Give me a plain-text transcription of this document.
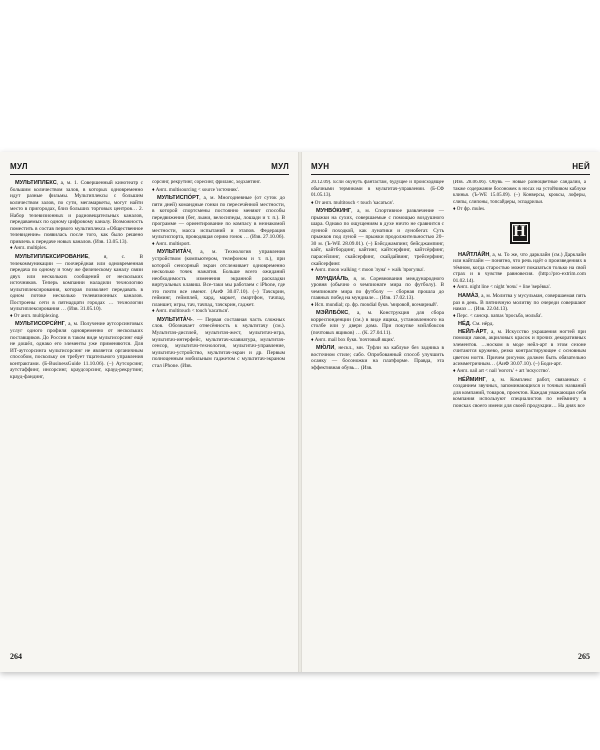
МУЛ	МУЛ

МУЛЬТИПЛЕ́КС, а, м. 1. Совершенный кинотеатр с большим количеством залов, в которых одновременно идут разные фильмы. Мультиплексы с большим количеством залов, по сути, мегамаркеты, могут найти место в пригородах, близ больших торговых центров… 2. Набор телевизионных и радиовещательных каналов, передаваемых по одному цифровому каналу. Возможность поместить в состав первого мультиплекса «Общественное телевидение» появилась после того, как было решено привлечь к передаче новых каналов. (Изв. 13.05.13).

♦ Англ. multiplex.

МУЛЬТИПЛЕКСИРОВАНИЕ, я, с. В телекоммуникации — поочерёдная или одновременная передача по одному и тому же физическому каналу связи двух или нескольких сообщений от нескольких источников. Теперь компании наладили технологию мультиплексирования, которая позволяет передавать в одном потоке несколько телевизионных каналов. Построены сети в пятнадцати городах … технологии мультиплексирования … (Изв. 31.05.10).

♦ От англ. multiplexing.

МУЛЬТИСОРСИ́НГ, а, м. Получение аутсорсинговых услуг одного профиля одновременно от нескольких поставщиков. До России в таком виде мультисорсинг ещё не дошёл, однако его элементы уже применяются. Для ИТ-аутсорсинга мультисорсинг не является органичным способом, поскольку он требует тщательного управления контрактами. (Б-BusinessGuide 11.10.06). (–) Аутсорсинг, аутстаффинг, инсорсинг, краудсорсинг, крауд-рекрутинг, крауд-фандинг,

сорсинг, рекрутинг, соресинг, фриланс, хедхантинг.

♦ Англ. multisourcing < source 'источник'.

МУЛЬТИСПО́РТ, а, м. Многодневные (от суток до пяти дней) командные гонки по пересечённой местности, в которой спортсмены постоянно меняют способы передвижения (бег, лыжи, велосипеды, лошади и т. п.). В программе — ориентирование по компасу в незнакомой местности, масса испытаний и этапов. Федерация мультиспорта, проводящая серию гонок … (Изв. 27.10.06).

♦ Англ. multisport.

МУЛЬТИТА́Ч, а, м. Технология управления устройством (компьютером, телефоном и т. п.), при которой сенсорный экран отслеживает одновременно несколько точек нажатия. Больше всего ожиданий необходимость изменения экранной раскладки виртуальных клавиш. Все-таки мы работаем с iPhone, где это почти все имеют. (АиФ 30.07.10). (–) Тачскрин, гейминг, геймплей, хард, маркет, смартфон, тачпад, планшет, игры, тач, тачпад, тачскрин, гаджет.

♦ Англ. multitouch < touch 'касаться'.

МУЛЬТИТА́Ч-. — Первая составная часть сложных слов. Обозначает отнесённость к мультитачу (см.). Мультитач-дисплей, мультитач-жест, мультитач-игра, мультитач-интерфейс, мультитач-клавиатура, мультитач-сенсор, мультитач-технология, мультитач-управление, мультитач-устройство, мультитач-экран и др. Первым полноценным мобильным гаджетом с мультитач-экраном стал iPhone. (Изв.

264
МУН	НЕЙ

20.12.09). Если окунуть фантастам, будущее и происходящее обычными терминами в мультитач-управлении. (Б-СФ 01.05.13).

♦ От англ. multitouch < touch 'касаться'.

МУНВО́КИНГ, а, м. Спортивное развлечение — прыжки на сухих, совершаемые с помощью воздушного шара. Однако по ощущениям в духе ничто не сравнится с лунной походкой, как лунатики и лунобегат. Суть прыжков под луной — прыжки продолжительностью 20–30 м. (Ъ-WE 28.09.01). (–) Бэйсджампинг, бейсджампинг, кайт, кайтбординг, кайтинг, кайтсерфинг, кайтсёрфинг, парасейлинг, скайсерфинг, скайдайвинг, трейсерфинг, скайсерфинг.

♦ Англ. moon walking < moon 'луна' + walk 'прогулка'.

МУНДИА́ЛЬ, я, м. Соревнования международного уровня (обычно о чемпионате мира по футболу). В чемпионате мира по футболу — сборная прошла до главных побед на мундиале… (Изв. 17.02.13).

♦ Исп. mundial; ср. фр. mondial букв. 'мировой, всемирный'.

МЭЙЛБО́КС, а, м. Конструкция для сбора корреспонденции (см.) в виде ящика, установленного на столбе или у двери дома. При покупке мэйлбоксов (почтовых ящиков) … (К. 27.04.11).

♦ Англ. mail box букв. 'почтовый ящик'.

МЮ́ЛИ, нескл., мн. Туфли на каблуке без задника в восточном стиле; сабо. Опробованный способ улучшить осанку — босоножки на платформе. Правда, эта эффективная обувь… (Изв.

(Изв. 28.06.06). Обувь — новые разноцветные сандалии, а также содержание босоножек в носах на устойчивом каблуке клинья. (Ъ-WE 15.05.09). (–) Конверсы, кроксы, лоферы, слипы, слипоны, топсайдеры, эспадрильи.

♦ От фр. mules.

Н

НАЙТЛА́ЙН, а, м. То же, что дарклайн (см.) Дарклайн или найтлайн — понятно, что речь идёт о произведениях в тёмном, когда старостью может показаться только на свой страх и в чувстве равновесия. (http://pro-extrim.com 01.02.14).

♦ Англ. night line < night 'ночь' + line 'верёвка'.

НАМА́З, а, м. Молитва у мусульман, совершаемая пять раз в день. В пятничную молитву по очереди совершают намаз … (Изв. 22.04.13).

♦ Перс. < санскр. namas 'просьба, мольба'.

НЕ́Д. См. нёрд.

НЕЙЛ-А́РТ, а, м. Искусство украшения ногтей при помощи лаков, акриловых красок и прочих декоративных элементов. …носком в моде нейл-арт в этом сезоне считаются кружево, резко контрастирующее с основным цветом ногтя. Причем рисунок должен быть обязательно асимметричным… (АиФ 30.07.10). (–) Боди-арт.

♦ Англ. nail art < nail 'ноготь' + art 'искусство'.

НЕ́ЙМИНГ, а, м. Комплекс работ, связанных с созданием звучных, запоминающихся и точных названий для компаний, товаров, проектов. Каждая уважающая себя компания используют специалистов по неймингу в поисках своего имени для своей продукции… На днях все

265
